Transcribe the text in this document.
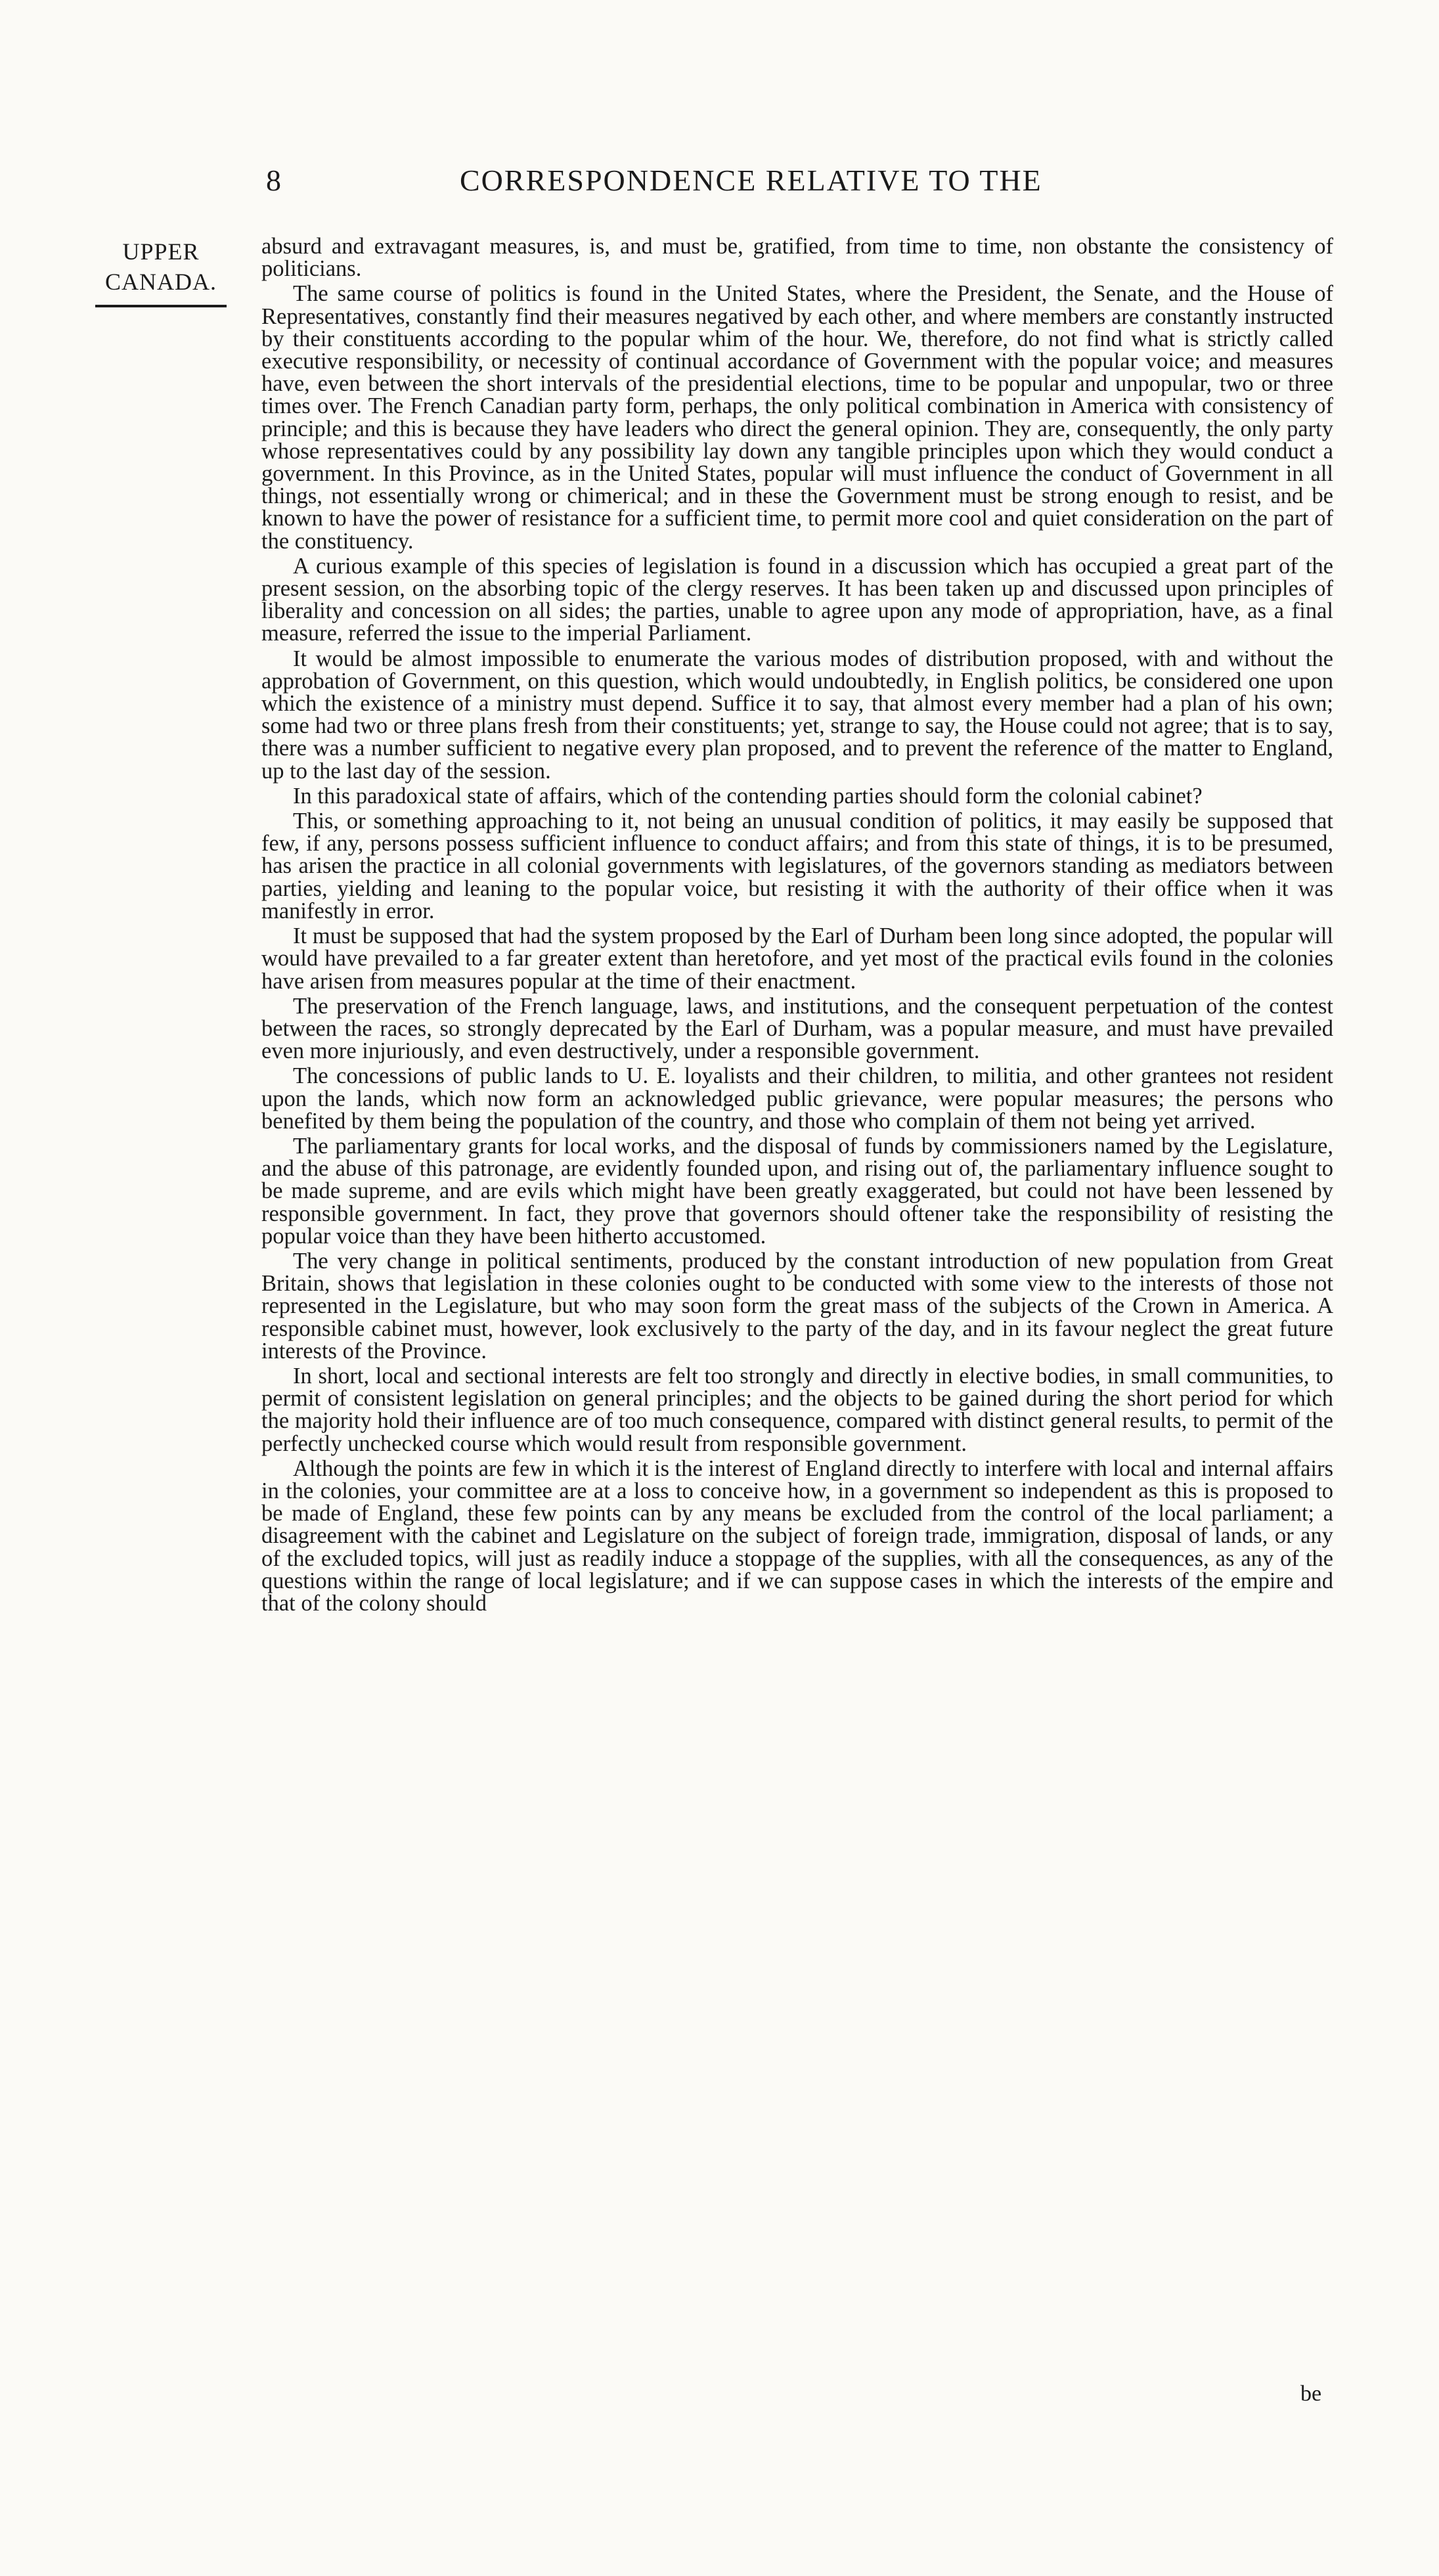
8	CORRESPONDENCE RELATIVE TO THE
UPPER
CANADA.

absurd and extravagant measures, is, and must be, gratified, from time to time, non obstante the consistency of politicians.

The same course of politics is found in the United States, where the President, the Senate, and the House of Representatives, constantly find their measures negatived by each other, and where members are constantly instructed by their constituents according to the popular whim of the hour. We, therefore, do not find what is strictly called executive responsibility, or necessity of continual accordance of Government with the popular voice; and measures have, even between the short intervals of the presidential elections, time to be popular and unpopular, two or three times over. The French Canadian party form, perhaps, the only political combination in America with consistency of principle; and this is because they have leaders who direct the general opinion. They are, consequently, the only party whose representatives could by any possibility lay down any tangible principles upon which they would conduct a government. In this Province, as in the United States, popular will must influence the conduct of Government in all things, not essentially wrong or chimerical; and in these the Government must be strong enough to resist, and be known to have the power of resistance for a sufficient time, to permit more cool and quiet consideration on the part of the constituency.

A curious example of this species of legislation is found in a discussion which has occupied a great part of the present session, on the absorbing topic of the clergy reserves. It has been taken up and discussed upon principles of liberality and concession on all sides; the parties, unable to agree upon any mode of appropriation, have, as a final measure, referred the issue to the imperial Parliament.

It would be almost impossible to enumerate the various modes of distribution proposed, with and without the approbation of Government, on this question, which would undoubtedly, in English politics, be considered one upon which the existence of a ministry must depend. Suffice it to say, that almost every member had a plan of his own; some had two or three plans fresh from their constituents; yet, strange to say, the House could not agree; that is to say, there was a number sufficient to negative every plan proposed, and to prevent the reference of the matter to England, up to the last day of the session.

In this paradoxical state of affairs, which of the contending parties should form the colonial cabinet?

This, or something approaching to it, not being an unusual condition of politics, it may easily be supposed that few, if any, persons possess sufficient influence to conduct affairs; and from this state of things, it is to be presumed, has arisen the practice in all colonial governments with legislatures, of the governors standing as mediators between parties, yielding and leaning to the popular voice, but resisting it with the authority of their office when it was manifestly in error.

It must be supposed that had the system proposed by the Earl of Durham been long since adopted, the popular will would have prevailed to a far greater extent than heretofore, and yet most of the practical evils found in the colonies have arisen from measures popular at the time of their enactment.

The preservation of the French language, laws, and institutions, and the consequent perpetuation of the contest between the races, so strongly deprecated by the Earl of Durham, was a popular measure, and must have prevailed even more injuriously, and even destructively, under a responsible government.

The concessions of public lands to U. E. loyalists and their children, to militia, and other grantees not resident upon the lands, which now form an acknowledged public grievance, were popular measures; the persons who benefited by them being the population of the country, and those who complain of them not being yet arrived.

The parliamentary grants for local works, and the disposal of funds by commissioners named by the Legislature, and the abuse of this patronage, are evidently founded upon, and rising out of, the parliamentary influence sought to be made supreme, and are evils which might have been greatly exaggerated, but could not have been lessened by responsible government. In fact, they prove that governors should oftener take the responsibility of resisting the popular voice than they have been hitherto accustomed.

The very change in political sentiments, produced by the constant introduction of new population from Great Britain, shows that legislation in these colonies ought to be conducted with some view to the interests of those not represented in the Legislature, but who may soon form the great mass of the subjects of the Crown in America. A responsible cabinet must, however, look exclusively to the party of the day, and in its favour neglect the great future interests of the Province.

In short, local and sectional interests are felt too strongly and directly in elective bodies, in small communities, to permit of consistent legislation on general principles; and the objects to be gained during the short period for which the majority hold their influence are of too much consequence, compared with distinct general results, to permit of the perfectly unchecked course which would result from responsible government.

Although the points are few in which it is the interest of England directly to interfere with local and internal affairs in the colonies, your committee are at a loss to conceive how, in a government so independent as this is proposed to be made of England, these few points can by any means be excluded from the control of the local parliament; a disagreement with the cabinet and Legislature on the subject of foreign trade, immigration, disposal of lands, or any of the excluded topics, will just as readily induce a stoppage of the supplies, with all the consequences, as any of the questions within the range of local legislature; and if we can suppose cases in which the interests of the empire and that of the colony should

be
